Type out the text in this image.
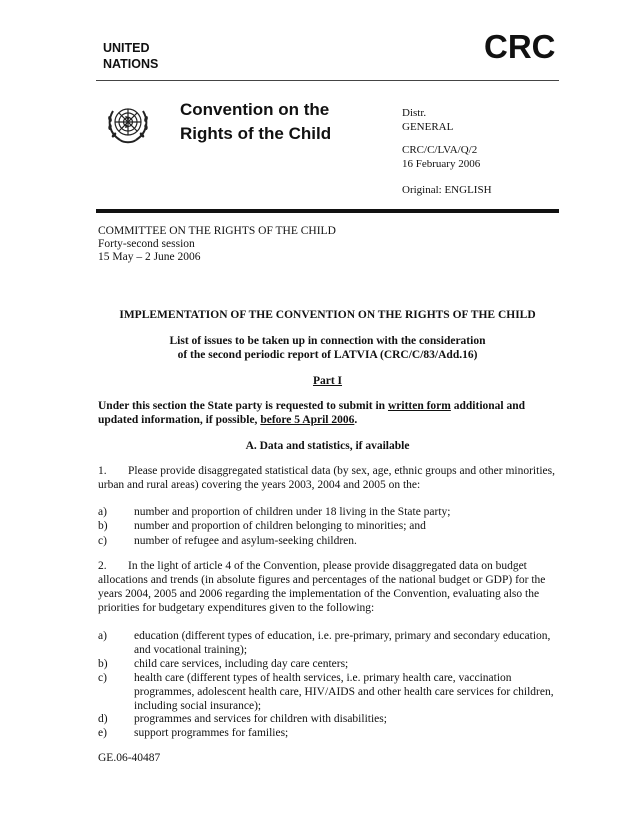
UNITED
NATIONS	CRC
Convention on the
Rights of the Child
Distr.
GENERAL
CRC/C/LVA/Q/2
16 February 2006
Original: ENGLISH
COMMITTEE ON THE RIGHTS OF THE CHILD
Forty-second session
15 May – 2 June 2006
IMPLEMENTATION OF THE CONVENTION ON THE RIGHTS OF THE CHILD
List of issues to be taken up in connection with the consideration
of the second periodic report of LATVIA (CRC/C/83/Add.16)
Part I
Under this section the State party is requested to submit in written form additional and updated information, if possible, before 5 April 2006.
A. Data and statistics, if available
1. Please provide disaggregated statistical data (by sex, age, ethnic groups and other minorities, urban and rural areas) covering the years 2003, 2004 and 2005 on the:
a)	number and proportion of children under 18 living in the State party;
b)	number and proportion of children belonging to minorities; and
c)	number of refugee and asylum-seeking children.
2. In the light of article 4 of the Convention, please provide disaggregated data on budget allocations and trends (in absolute figures and percentages of the national budget or GDP) for the years 2004, 2005 and 2006 regarding the implementation of the Convention, evaluating also the priorities for budgetary expenditures given to the following:
a)	education (different types of education, i.e. pre-primary, primary and secondary education, and vocational training);
b)	child care services, including day care centers;
c)	health care (different types of health services, i.e. primary health care, vaccination programmes, adolescent health care, HIV/AIDS and other health care services for children, including social insurance);
d)	programmes and services for children with disabilities;
e)	support programmes for families;
GE.06-40487
